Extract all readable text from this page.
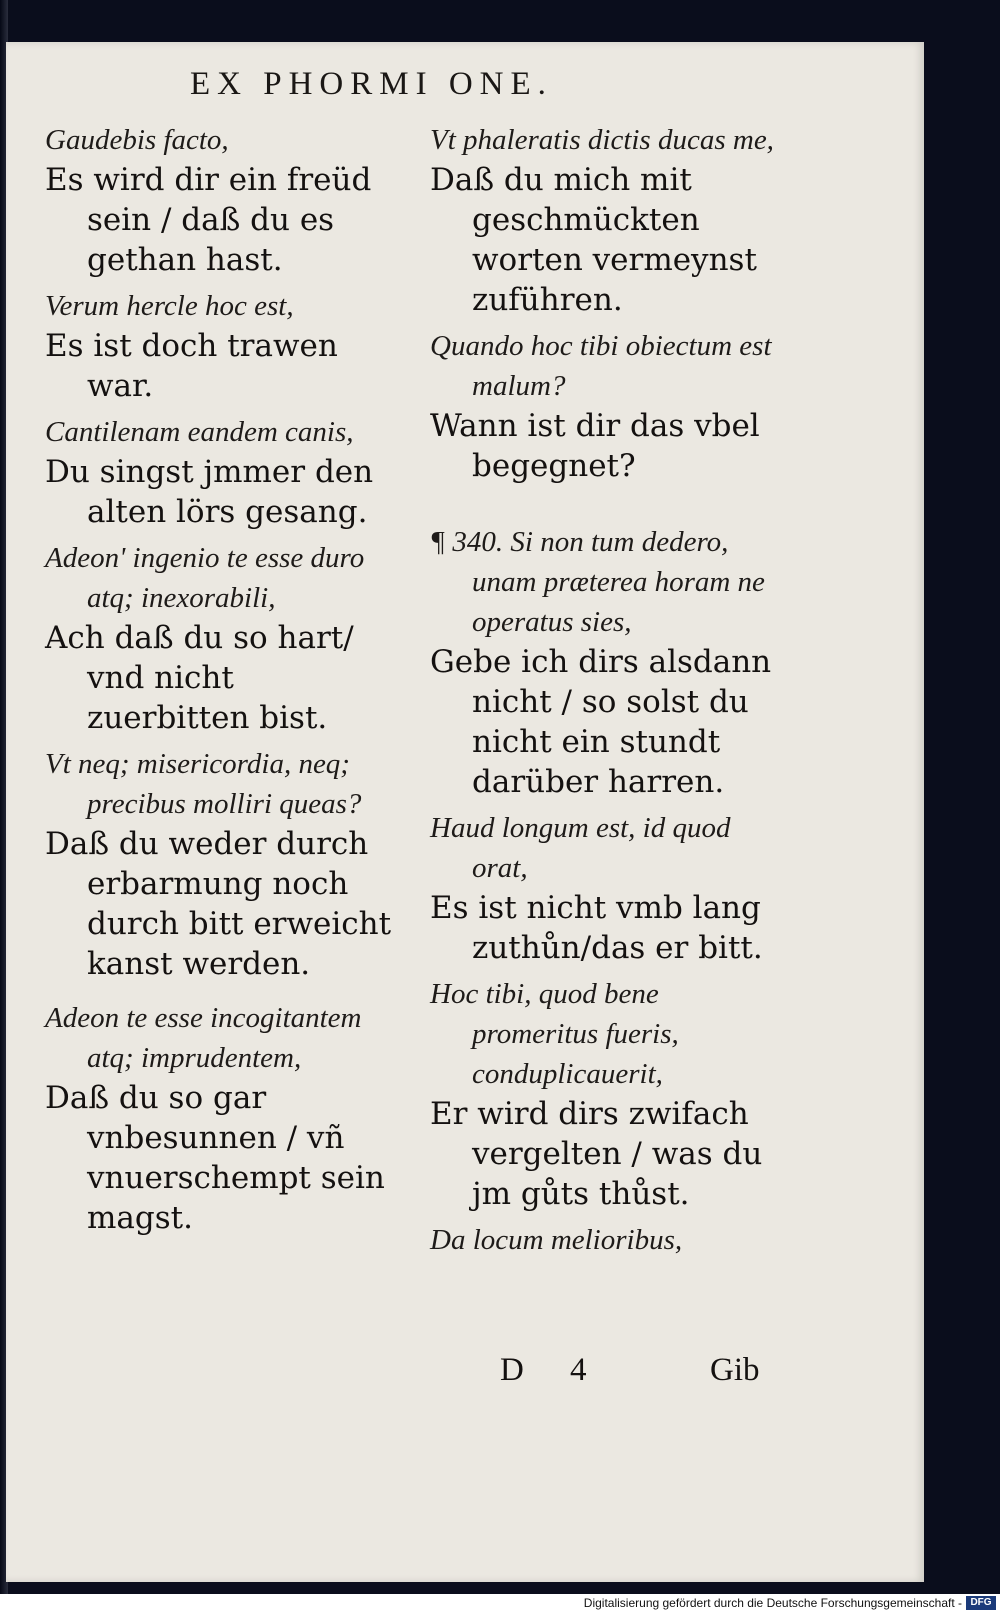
EX PHORMI ONE.
Gaudebis facto,
Es wird dir ein freüd sein / daß du es gethan hast.
Verum hercle hoc est,
Es ist doch trawen war.
Cantilenam eandem canis,
Du singst jmmer den alten lörs gesang.
Adeon' ingenio te esse duro atq; inexorabili,
Ach daß du so hart/ vnd nicht zuerbitten bist.
Vt neq; misericordia, neq; precibus molliri queas?
Daß du weder durch erbarmung noch durch bitt erweicht kanst werden.
Adeon te esse incogitantem atq; imprudentem,
Daß du so gar vnbesunnen / vñ vnuerschempt sein magst.
Vt phaleratis dictis ducas me,
Daß du mich mit geschmückten worten vermeynst zuführen.
Quando hoc tibi obiectum est malum?
Wann ist dir das vbel begegnet?
¶ 340. Si non tum dedero, unam præterea horam ne operatus sies,
Gebe ich dirs alsdann nicht / so solst du nicht ein stundt darüber harren.
Haud longum est, id quod orat,
Es ist nicht vmb lang zuthůn/das er bitt.
Hoc tibi, quod bene promeritus fueris, conduplicauerit,
Er wird dirs zwifach vergelten / was du jm gůts thůst.
Da locum melioribus,
D 4	Gib
Digitalisierung gefördert durch die Deutsche Forschungsgemeinschaft - DFG
